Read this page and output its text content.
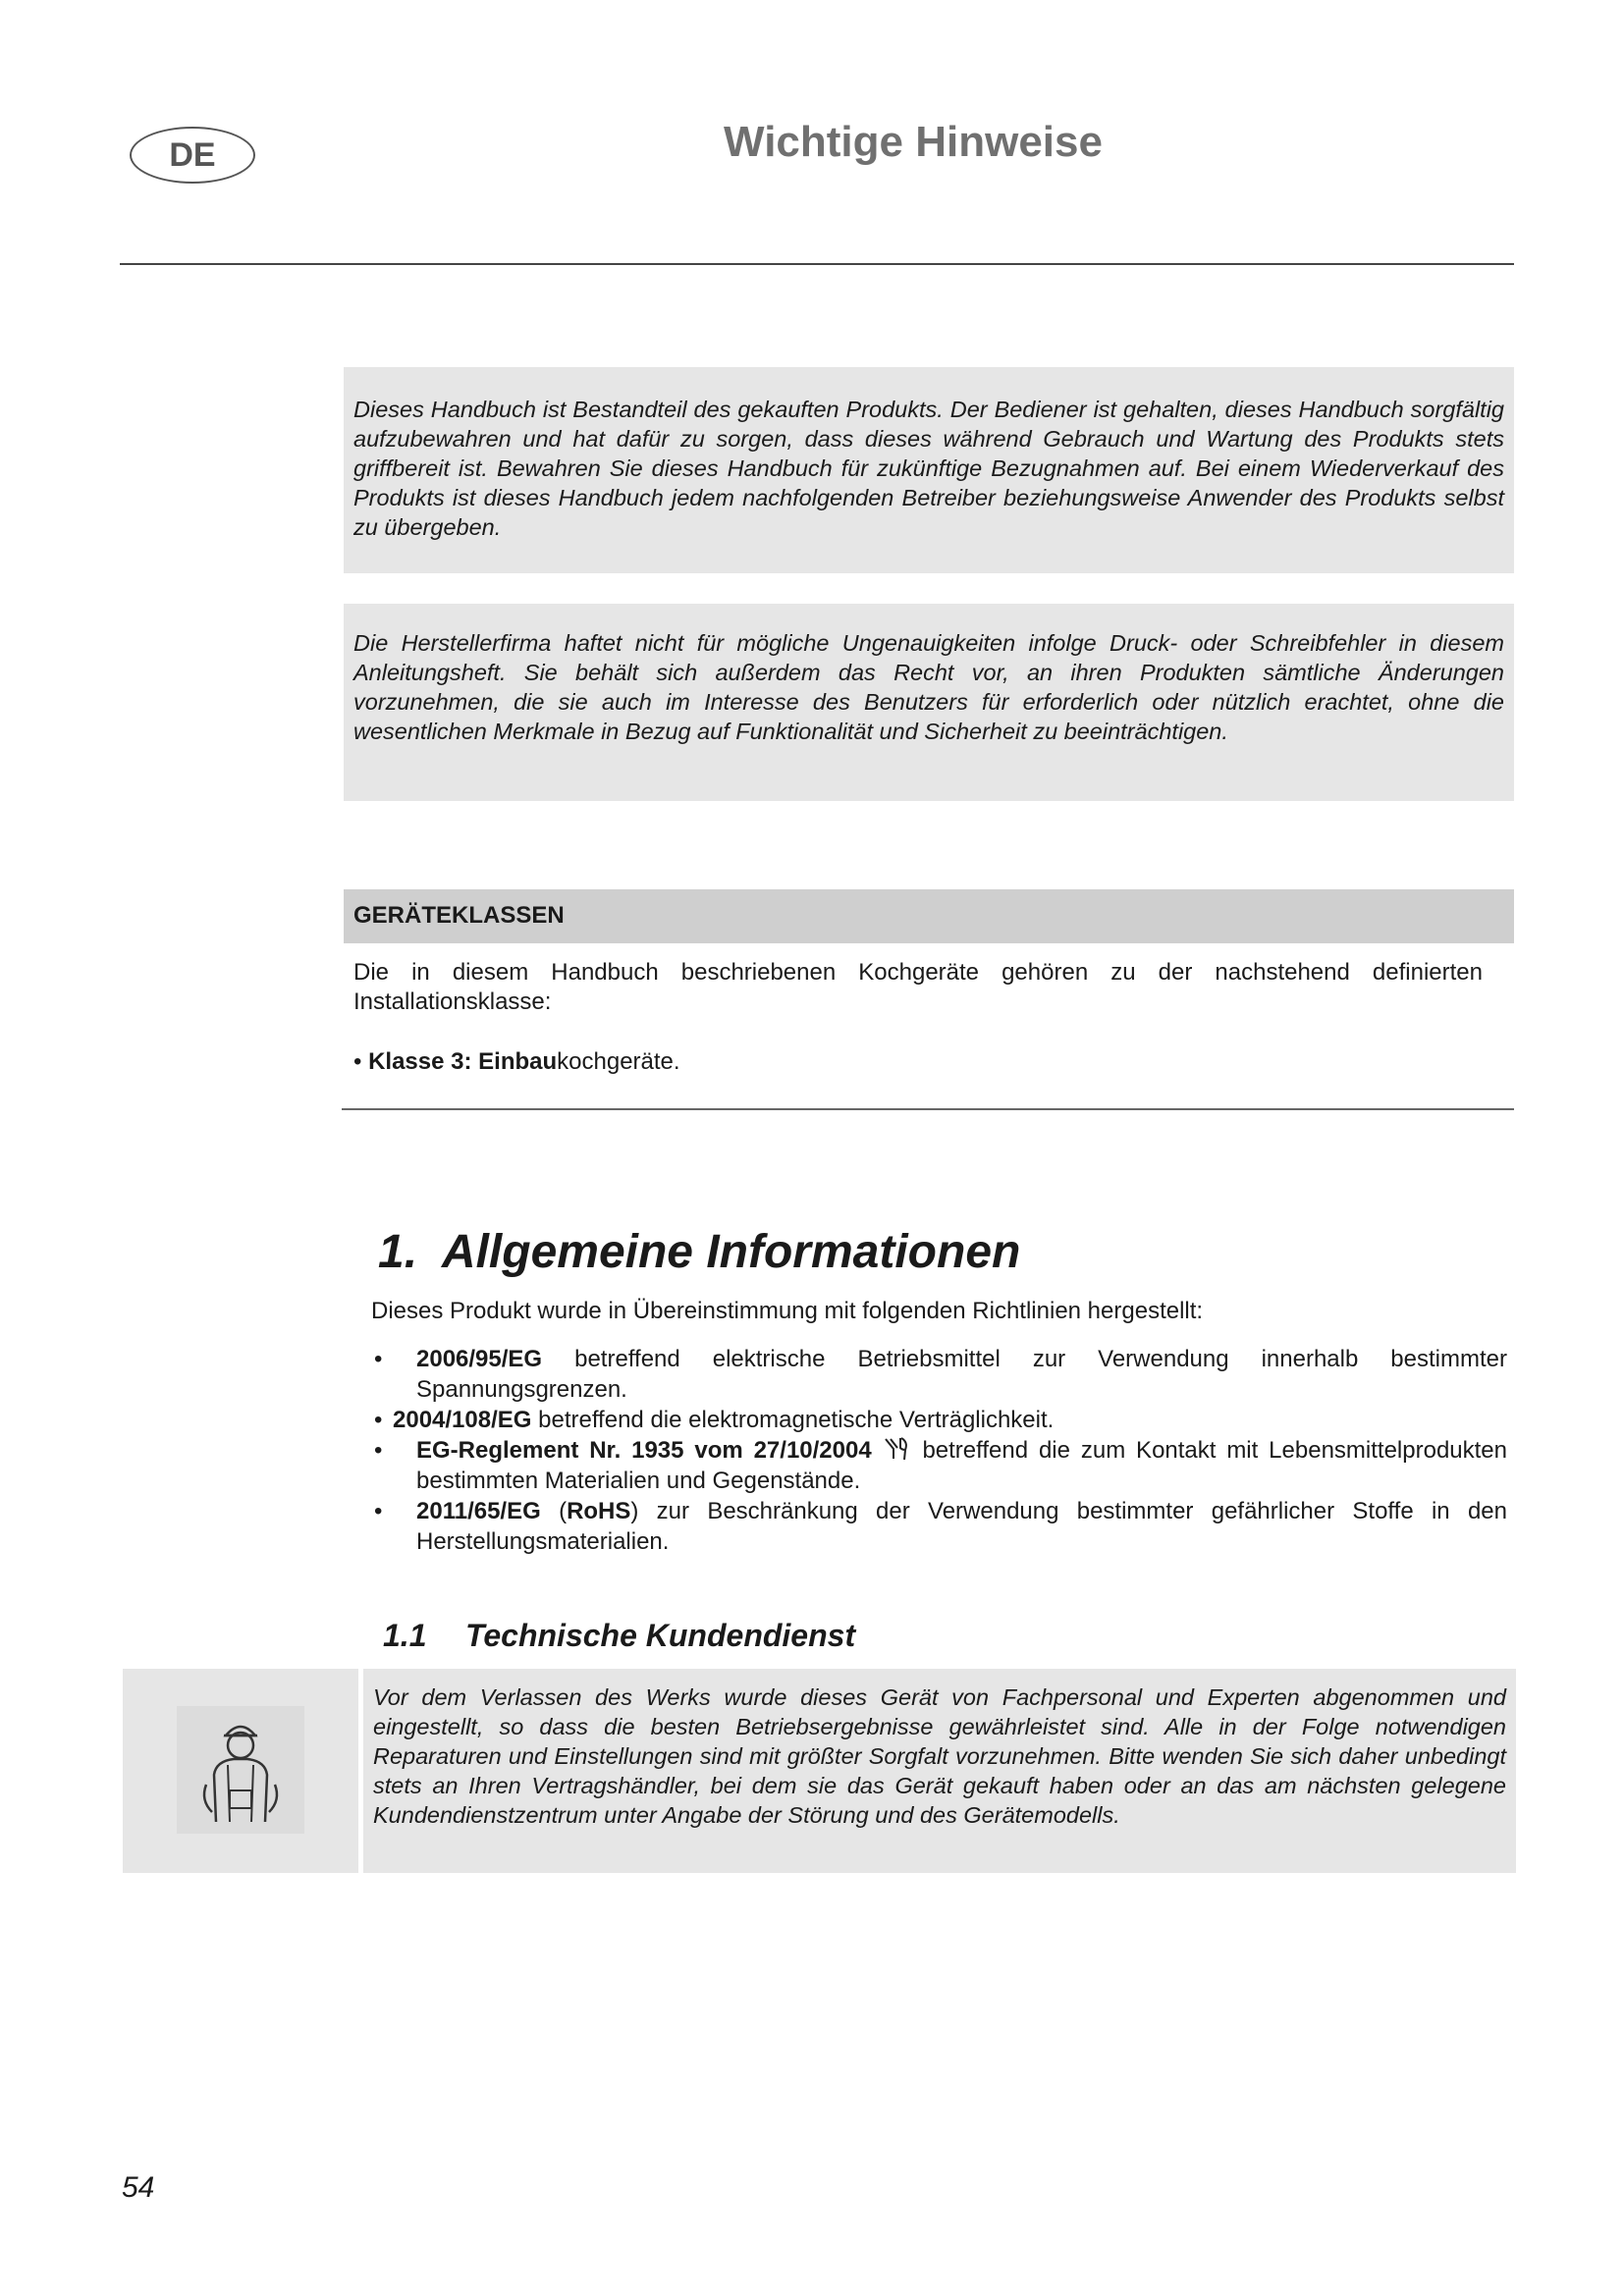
DE	Wichtige Hinweise

Dieses Handbuch ist Bestandteil des gekauften Produkts. Der Bediener ist gehalten, dieses Handbuch sorgfältig aufzubewahren und hat dafür zu sorgen, dass dieses während Gebrauch und Wartung des Produkts stets griffbereit ist. Bewahren Sie dieses Handbuch für zukünftige Bezugnahmen auf. Bei einem Wiederverkauf des Produkts ist dieses Handbuch jedem nachfolgenden Betreiber beziehungsweise Anwender des Produkts selbst zu übergeben.

Die Herstellerfirma haftet nicht für mögliche Ungenauigkeiten infolge Druck- oder Schreibfehler in diesem Anleitungsheft. Sie behält sich außerdem das Recht vor, an ihren Produkten sämtliche Änderungen vorzunehmen, die sie auch im Interesse des Benutzers für erforderlich oder nützlich erachtet, ohne die wesentlichen Merkmale in Bezug auf Funktionalität und Sicherheit zu beeinträchtigen.

GERÄTEKLASSEN

Die in diesem Handbuch beschriebenen Kochgeräte gehören zu der nachstehend definierten Installationsklasse:

• Klasse 3: Einbaukochgeräte.
1. Allgemeine Informationen

Dieses Produkt wurde in Übereinstimmung mit folgenden Richtlinien hergestellt:

• 2006/95/EG betreffend elektrische Betriebsmittel zur Verwendung innerhalb bestimmter Spannungsgrenzen.
• 2004/108/EG betreffend die elektromagnetische Verträglichkeit.
• EG-Reglement Nr. 1935 vom 27/10/2004  betreffend die zum Kontakt mit Lebensmittelprodukten bestimmten Materialien und Gegenstände.
• 2011/65/EG (RoHS) zur Beschränkung der Verwendung bestimmter gefährlicher Stoffe in den Herstellungsmaterialien.
1.1 Technische Kundendienst

Vor dem Verlassen des Werks wurde dieses Gerät von Fachpersonal und Experten abgenommen und eingestellt, so dass die besten Betriebsergebnisse gewährleistet sind. Alle in der Folge notwendigen Reparaturen und Einstellungen sind mit größter Sorgfalt vorzunehmen. Bitte wenden Sie sich daher unbedingt stets an Ihren Vertragshändler, bei dem sie das Gerät gekauft haben oder an das am nächsten gelegene Kundendienstzentrum unter Angabe der Störung und des Gerätemodells.

54
